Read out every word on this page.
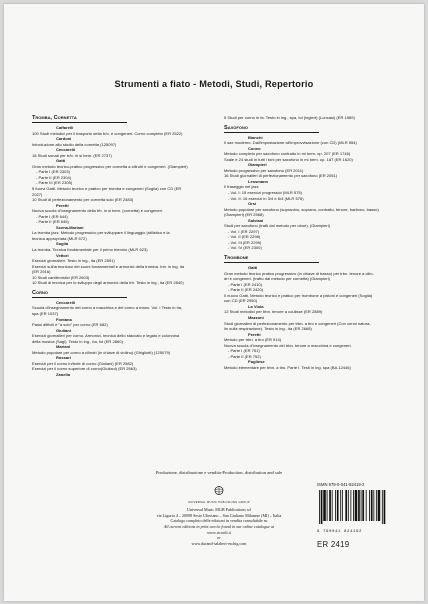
Strumenti a fiato - Metodi, Studi, Repertorio
Tromba, Cornetta
Caffarelli
100 Studi melodici per il trasporto della tr/o. e congeneri. Corno completo (ER 2522)
Cardoni
Introduzione allo studio della cornetta (125097)
Ceccarelli
18 Studi sonati per tr/b. in si bem. (ER 2737)
Gatti
Gran metodo teorico-pratico progressivo per cornetta a cilindri e congeneri. (Giampieri)
- Parte I (ER 2303)
- Parte II (ER 2304)
- Parte III (ER 2305)
5 fuorvi Gatti. Metodo teorico e pratico per tromba e congeneri (Soglia) con CD (ER
2027)
10 Studi di perfezionamento per cornetta solo (ER 2483)
Peretti
Nuova scuola d'insegnamento della trb. in si bem. (cornetta) e congeneri.
- Parte I (ER 644)
- Parte II (ER 645)
Scena-Mariani
La tromba jazz. Metodo progressivo per sviluppare il linguaggio (stilistico e la
tecnica appropriata (MLR 572)
Soglia
La tromba. Tecnica fondamentale per il primo triennio (MLR 623)
Vettori
Esercizi giornalieri. Testo in ing., ita (ER 2891)
Esercizi sull'armonioso dei suoni fondamentali e armonici della tromba. Intr. in ing. ita
(ER 2916)
10 Studi cantilenistici (ER 2603)
10 Studi di tecnica per lo sviluppo degli armonici della trb. Testo in ing., ita (ER 2840)
Corno
Ceccarelli
Scuola d'insegnamento del corno a macchina e del corno a mano. Vol. I Testo in ita,
spa (ER 1037)
Fontana
Passi difficili e "a solo" per corno (ER 682)
Giuliani
Esercizi giornalieri per corno. Armonici, tecnica dello staccato e legato e colonnina
della musica (Sagi). Testo in ing., ita, fol (ER 2860)
Mariani
Metodo popolare per corno a cilindri (in chiave di violino) (Ghigliotti) (125079)
Rossari
Esercizi per il corno in/trofe di corno (Giuliani) (ER 2582)
Esercizi per il corno superiore di corno(Giuliani) (ER 2563)
Zanella
5 Studi per corno in fa. Testo in ing., spa, fol (inglert) (Loncasi) (ER 1589)
Saxofono
Bianchi
Il sax moderno. Dall'impostazione all'improvvisazione (con CD) (MLR 554)
Cuneo
Metodo completo per saxofono contralto in mi bem. op. 207 (ER 1746)
Scale e 24 studi in tutti i toni per saxofono in mi bem. op. 187 (ER 1620)
Giampieri
Metodo progressivo per saxofono (ER 2011)
16 Studi giornalieri di perfezionamento per saxofono (ER 2051)
Lessmann
Il fraseggio nel jazz
- Vol. I: 15 esercizi progressivi (MLR 575)
- Vol. II: 16 esercizi in 3/4 e 6/4 (MLR 576)
Orsi
Metodo popolare per saxofono (sopranino, soprano, contralto, tenore, baritono, basso)
(Giampieri) (ER 2568)
Salviani
Studi per saxofono (tratti dal metodo per oboe). (Giampieri)
- Vol. I (ER 2297)
- Vol. II (ER 2298)
- Vol. III (ER 2299)
- Vol. IV (ER 2300)
Trombone
Gatti
Gran metodo teorico pratico progressivo (in chiave di basso) per trbn. tenore a cilin-
dri e congeneri. (tratto dal metodo per cornetta) (Giampieri)
- Parte I (ER 2410)
- Parte II (ER 2420)
Il nuovo Gatti. Metodo teorico e pratico per trombone a pistoni e congeneri (Soglia)
con CD (ER 2950)
La Viola
12 Studi melodici per trbn. tenore a coulisse (ER 2889)
Mazzoni
Studi giornalieri di perfezionamento per trbn. a tiro e congeneri (Con cenni natura-
lin sulla respirazione). Testo in ing., ita (ER 2668)
Peretti
Metodo per trbn. a tiro (ER 914)
Nuova scuola d'insegnamento del trbn. tenore a macchina e congeneri.
- Parte I (ER 751)
- Parte II (ER 752)
Pugliese
Metodo elementare per trbn. a tiro. Parte I. Testi in ing. spa (BA 12446)
Produzione, distribuzione e vendita-Production, distribution and sale
UNIVERSAL MUSIC PUBLISHING GROUP
Universal Music MGB Publications srl
via Liguria 4 – 20098 Sesto Ulteriano – San Giuliano Milanese (MI) – Italia
Catalogo completo delle edizioni in vendita consultabile su
All current editions in print can be found in our online catalogue at
www.ricordi.it
or
www.durand-salabert-eschig.com
ISMN 979-0-041-82419-2
9 790041 824192
ER 2419
